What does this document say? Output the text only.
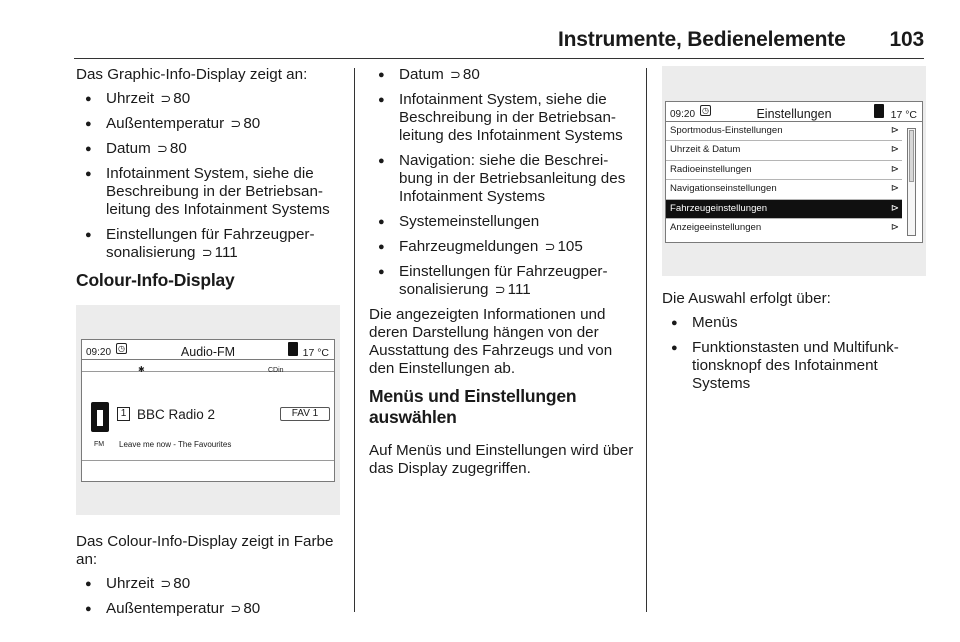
Instrumente, Bedienelemente 103

Das Graphic-Info-Display zeigt an:

● Uhrzeit ⊃ 80
● Außentemperatur ⊃ 80
● Datum ⊃ 80
● Infotainment System, siehe die Beschreibung in der Betriebsan-leitung des Infotainment Systems
● Einstellungen für Fahrzeugper-sonalisierung ⊃ 111
Colour-Info-Display
09:20 ◷	Audio-FM	17 °C
✱	CDin
FM
1 BBC Radio 2	FAV 1
Leave me now - The Favourites

Das Colour-Info-Display zeigt in Farbe an:

● Uhrzeit ⊃ 80
● Außentemperatur ⊃ 80
● Datum ⊃ 80
● Infotainment System, siehe die Beschreibung in der Betriebsan-leitung des Infotainment Systems
● Navigation: siehe die Beschrei-bung in der Betriebsanleitung des Infotainment Systems
● Systemeinstellungen
● Fahrzeugmeldungen ⊃ 105
● Einstellungen für Fahrzeugper-sonalisierung ⊃ 111

Die angezeigten Informationen und deren Darstellung hängen von der Ausstattung des Fahrzeugs und von den Einstellungen ab.

Menüs und Einstellungen auswählen

Auf Menüs und Einstellungen wird über das Display zugegriffen.

09:20 ◷	Einstellungen	17 °C
Sportmodus-Einstellungen	⊳
Uhrzeit & Datum	⊳
Radioeinstellungen	⊳
Navigationseinstellungen	⊳
Fahrzeugeinstellungen	⊳
Anzeigeeinstellungen	⊳

Die Auswahl erfolgt über:

● Menüs
● Funktionstasten und Multifunk-tionsknopf des Infotainment Systems
